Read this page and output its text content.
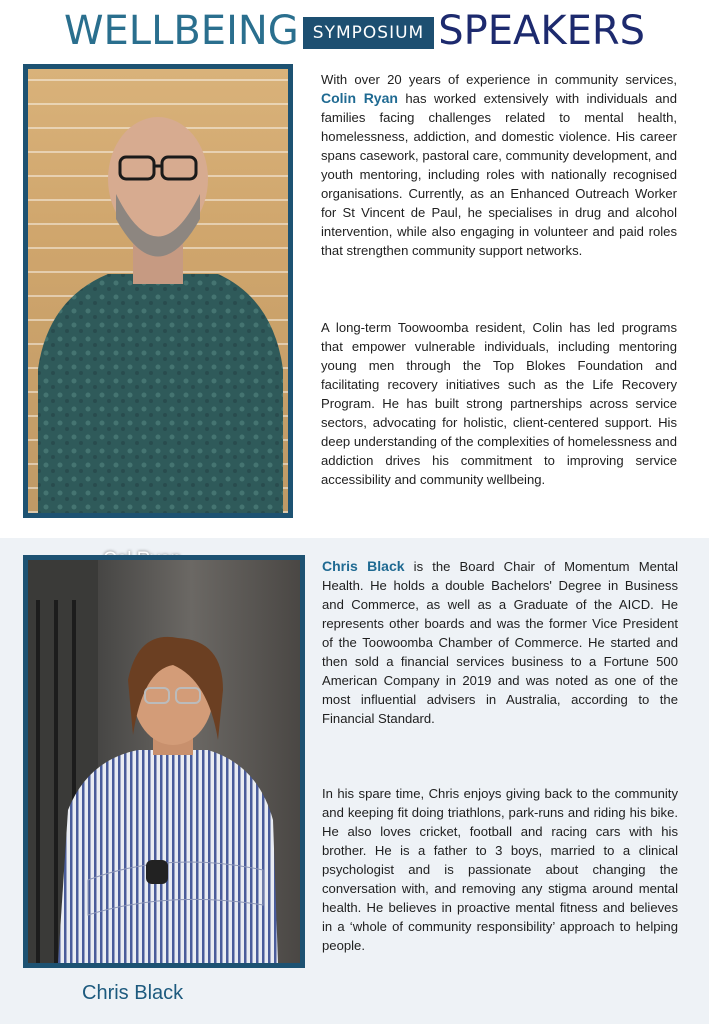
WELLBEING SYMPOSIUM SPEAKERS
With over 20 years of experience in community services, Colin Ryan has worked extensively with individuals and families facing challenges related to mental health, homelessness, addiction, and domestic violence. His career spans casework, pastoral care, community development, and youth mentoring, including roles with nationally recognised organisations. Currently, as an Enhanced Outreach Worker for St Vincent de Paul, he specialises in drug and alcohol intervention, while also engaging in volunteer and paid roles that strengthen community support networks.
A long-term Toowoomba resident, Colin has led programs that empower vulnerable individuals, including mentoring young men through the Top Blokes Foundation and facilitating recovery initiatives such as the Life Recovery Program. He has built strong partnerships across service sectors, advocating for holistic, client-centered support. His deep understanding of the complexities of homelessness and addiction drives his commitment to improving service accessibility and community wellbeing.
Chris Black
Chris Black is the Board Chair of Momentum Mental Health. He holds a double Bachelors' Degree in Business and Commerce, as well as a Graduate of the AICD. He represents other boards and was the former Vice President of the Toowoomba Chamber of Commerce. He started and then sold a financial services business to a Fortune 500 American Company in 2019 and was noted as one of the most influential advisers in Australia, according to the Financial Standard.
In his spare time, Chris enjoys giving back to the community and keeping fit doing triathlons, park-runs and riding his bike. He also loves cricket, football and racing cars with his brother. He is a father to 3 boys, married to a clinical psychologist and is passionate about changing the conversation with, and removing any stigma around mental health. He believes in proactive mental fitness and believes in a ‘whole of community responsibility’ approach to helping people.
